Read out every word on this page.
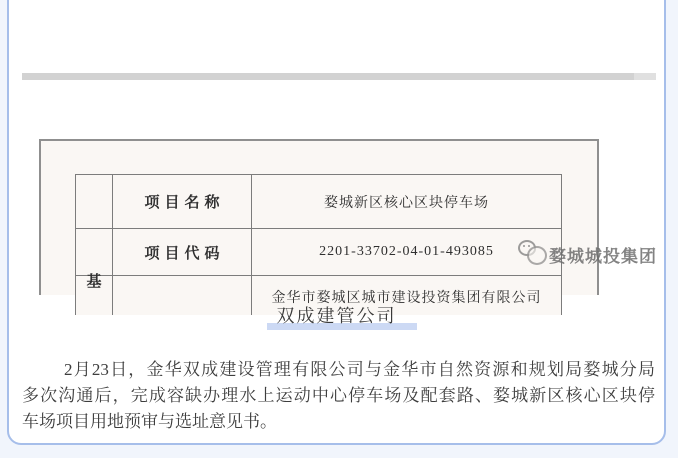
基
项目名称	婺城新区核心区块停车场
项目代码	2201-33702-04-01-493085
金华市婺城区城市建设投资集团有限公司
婺城城投集团
双成建管公司
2月23日，金华双成建设管理有限公司与金华市自然资源和规划局婺城分局
多次沟通后，完成容缺办理水上运动中心停车场及配套路、婺城新区核心区块停
车场项目用地预审与选址意见书。
